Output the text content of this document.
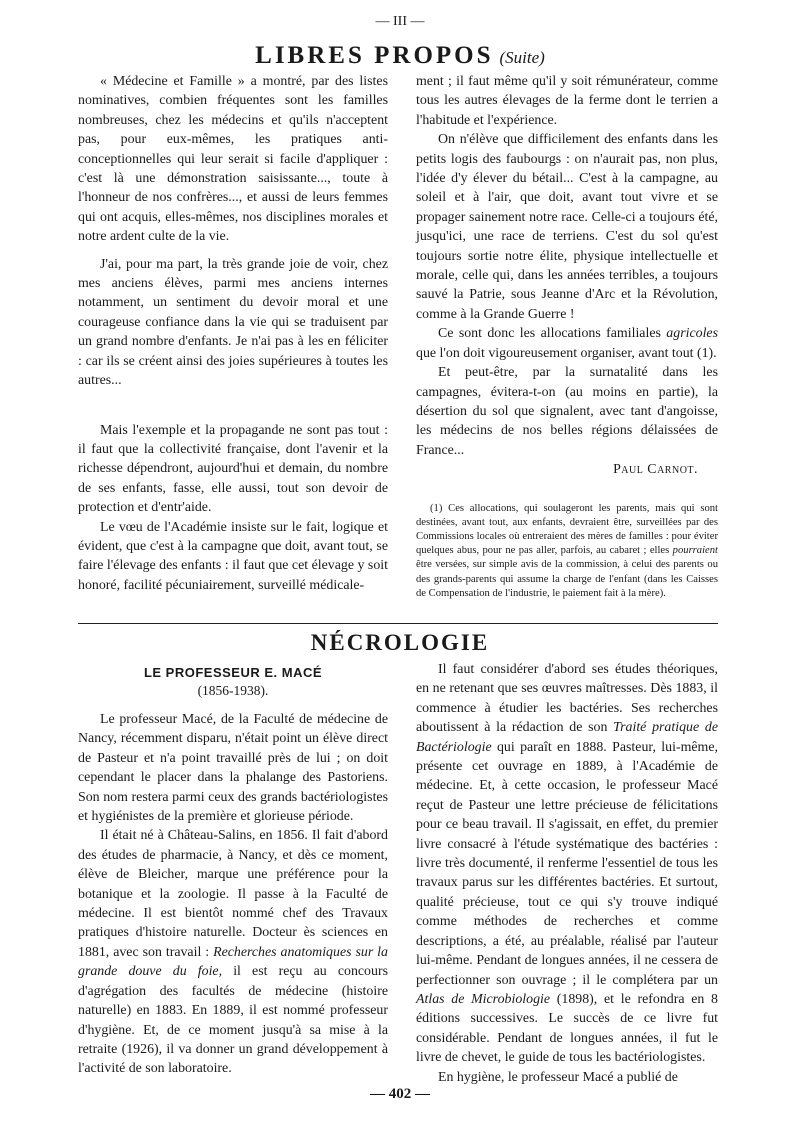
— III —
LIBRES PROPOS (Suite)

« Médecine et Famille » a montré, par des listes nominatives, combien fréquentes sont les familles nombreuses, chez les médecins et qu'ils n'acceptent pas, pour eux-mêmes, les pratiques anti-conceptionnelles qui leur serait si facile d'appliquer : c'est là une démonstration saisissante..., toute à l'honneur de nos confrères..., et aussi de leurs femmes qui ont acquis, elles-mêmes, nos disciplines morales et notre ardent culte de la vie.

J'ai, pour ma part, la très grande joie de voir, chez mes anciens élèves, parmi mes anciens internes notamment, un sentiment du devoir moral et une courageuse confiance dans la vie qui se traduisent par un grand nombre d'enfants. Je n'ai pas à les en féliciter : car ils se créent ainsi des joies supérieures à toutes les autres...

Mais l'exemple et la propagande ne sont pas tout : il faut que la collectivité française, dont l'avenir et la richesse dépendront, aujourd'hui et demain, du nombre de ses enfants, fasse, elle aussi, tout son devoir de protection et d'entr'aide.

Le vœu de l'Académie insiste sur le fait, logique et évident, que c'est à la campagne que doit, avant tout, se faire l'élevage des enfants : il faut que cet élevage y soit honoré, facilité pécuniairement, surveillé médicale-

ment ; il faut même qu'il y soit rémunérateur, comme tous les autres élevages de la ferme dont le terrien a l'habitude et l'expérience.

On n'élève que difficilement des enfants dans les petits logis des faubourgs : on n'aurait pas, non plus, l'idée d'y élever du bétail... C'est à la campagne, au soleil et à l'air, que doit, avant tout vivre et se propager sainement notre race. Celle-ci a toujours été, jusqu'ici, une race de terriens. C'est du sol qu'est toujours sortie notre élite, physique intellectuelle et morale, celle qui, dans les années terribles, a toujours sauvé la Patrie, sous Jeanne d'Arc et la Révolution, comme à la Grande Guerre !

Ce sont donc les allocations familiales agricoles que l'on doit vigoureusement organiser, avant tout (1).

Et peut-être, par la surnatalité dans les campagnes, évitera-t-on (au moins en partie), la désertion du sol que signalent, avec tant d'angoisse, les médecins de nos belles régions délaissées de France...

Paul Carnot.

(1) Ces allocations, qui soulageront les parents, mais qui sont destinées, avant tout, aux enfants, devraient être, surveillées par des Commissions locales où entreraient des mères de familles : pour éviter quelques abus, pour ne pas aller, parfois, au cabaret ; elles pourraient être versées, sur simple avis de la commission, à celui des parents ou des grands-parents qui assume la charge de l'enfant (dans les Caisses de Compensation de l'industrie, le paiement fait à la mère).

NÉCROLOGIE
LE PROFESSEUR E. MACÉ
(1856-1938).

Le professeur Macé, de la Faculté de médecine de Nancy, récemment disparu, n'était point un élève direct de Pasteur et n'a point travaillé près de lui ; on doit cependant le placer dans la phalange des Pastoriens. Son nom restera parmi ceux des grands bactériologistes et hygiénistes de la première et glorieuse période.

Il était né à Château-Salins, en 1856. Il fait d'abord des études de pharmacie, à Nancy, et dès ce moment, élève de Bleicher, marque une préférence pour la botanique et la zoologie. Il passe à la Faculté de médecine. Il est bientôt nommé chef des Travaux pratiques d'histoire naturelle. Docteur ès sciences en 1881, avec son travail : Recherches anatomiques sur la grande douve du foie, il est reçu au concours d'agrégation des facultés de médecine (histoire naturelle) en 1883. En 1889, il est nommé professeur d'hygiène. Et, de ce moment jusqu'à sa mise à la retraite (1926), il va donner un grand développement à l'activité de son laboratoire.

Il faut considérer d'abord ses études théoriques, en ne retenant que ses œuvres maîtresses. Dès 1883, il commence à étudier les bactéries. Ses recherches aboutissent à la rédaction de son Traité pratique de Bactériologie qui paraît en 1888. Pasteur, lui-même, présente cet ouvrage en 1889, à l'Académie de médecine. Et, à cette occasion, le professeur Macé reçut de Pasteur une lettre précieuse de félicitations pour ce beau travail. Il s'agissait, en effet, du premier livre consacré à l'étude systématique des bactéries : livre très documenté, il renferme l'essentiel de tous les travaux parus sur les différentes bactéries. Et surtout, qualité précieuse, tout ce qui s'y trouve indiqué comme méthodes de recherches et comme descriptions, a été, au préalable, réalisé par l'auteur lui-même. Pendant de longues années, il ne cessera de perfectionner son ouvrage ; il le complétera par un Atlas de Microbiologie (1898), et le refondra en 8 éditions successives. Le succès de ce livre fut considérable. Pendant de longues années, il fut le livre de chevet, le guide de tous les bactériologistes.

En hygiène, le professeur Macé a publié de

— 402 —
